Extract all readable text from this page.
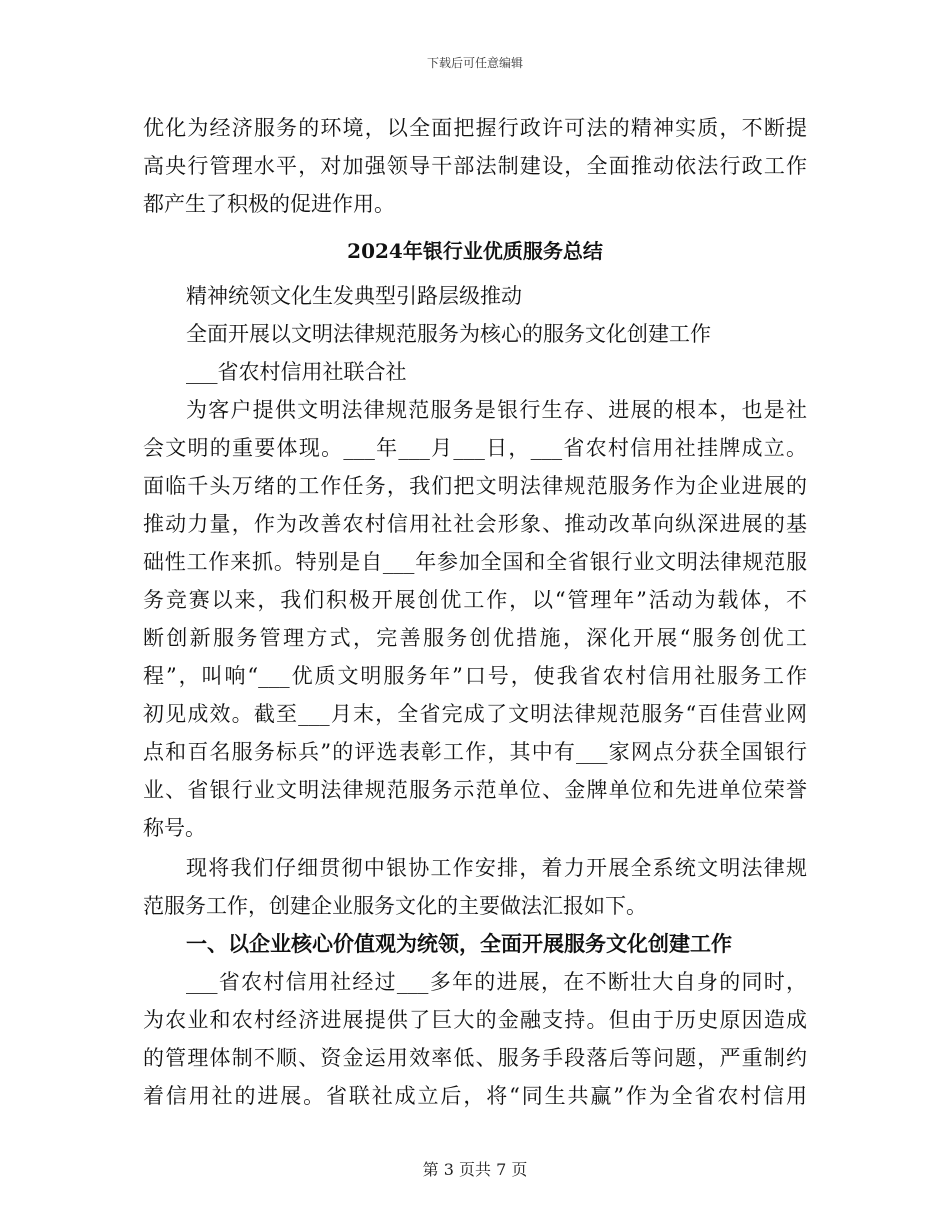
下载后可任意编辑
优化为经济服务的环境，以全面把握行政许可法的精神实质，不断提
高央行管理水平，对加强领导干部法制建设，全面推动依法行政工作
都产生了积极的促进作用。
2024年银行业优质服务总结
精神统领文化生发典型引路层级推动
全面开展以文明法律规范服务为核心的服务文化创建工作
___省农村信用社联合社
为客户提供文明法律规范服务是银行生存、进展的根本，也是社
会文明的重要体现。___年___月___日，___省农村信用社挂牌成立。
面临千头万绪的工作任务，我们把文明法律规范服务作为企业进展的
推动力量，作为改善农村信用社社会形象、推动改革向纵深进展的基
础性工作来抓。特别是自___年参加全国和全省银行业文明法律规范服
务竞赛以来，我们积极开展创优工作，以“管理年”活动为载体，不
断创新服务管理方式，完善服务创优措施，深化开展“服务创优工
程”，叫响“___优质文明服务年”口号，使我省农村信用社服务工作
初见成效。截至___月末，全省完成了文明法律规范服务“百佳营业网
点和百名服务标兵”的评选表彰工作，其中有___家网点分获全国银行
业、省银行业文明法律规范服务示范单位、金牌单位和先进单位荣誉
称号。
现将我们仔细贯彻中银协工作安排，着力开展全系统文明法律规
范服务工作，创建企业服务文化的主要做法汇报如下。
一、以企业核心价值观为统领，全面开展服务文化创建工作
___省农村信用社经过___多年的进展，在不断壮大自身的同时，
为农业和农村经济进展提供了巨大的金融支持。但由于历史原因造成
的管理体制不顺、资金运用效率低、服务手段落后等问题，严重制约
着信用社的进展。省联社成立后，将“同生共赢”作为全省农村信用
第 3 页共 7 页
